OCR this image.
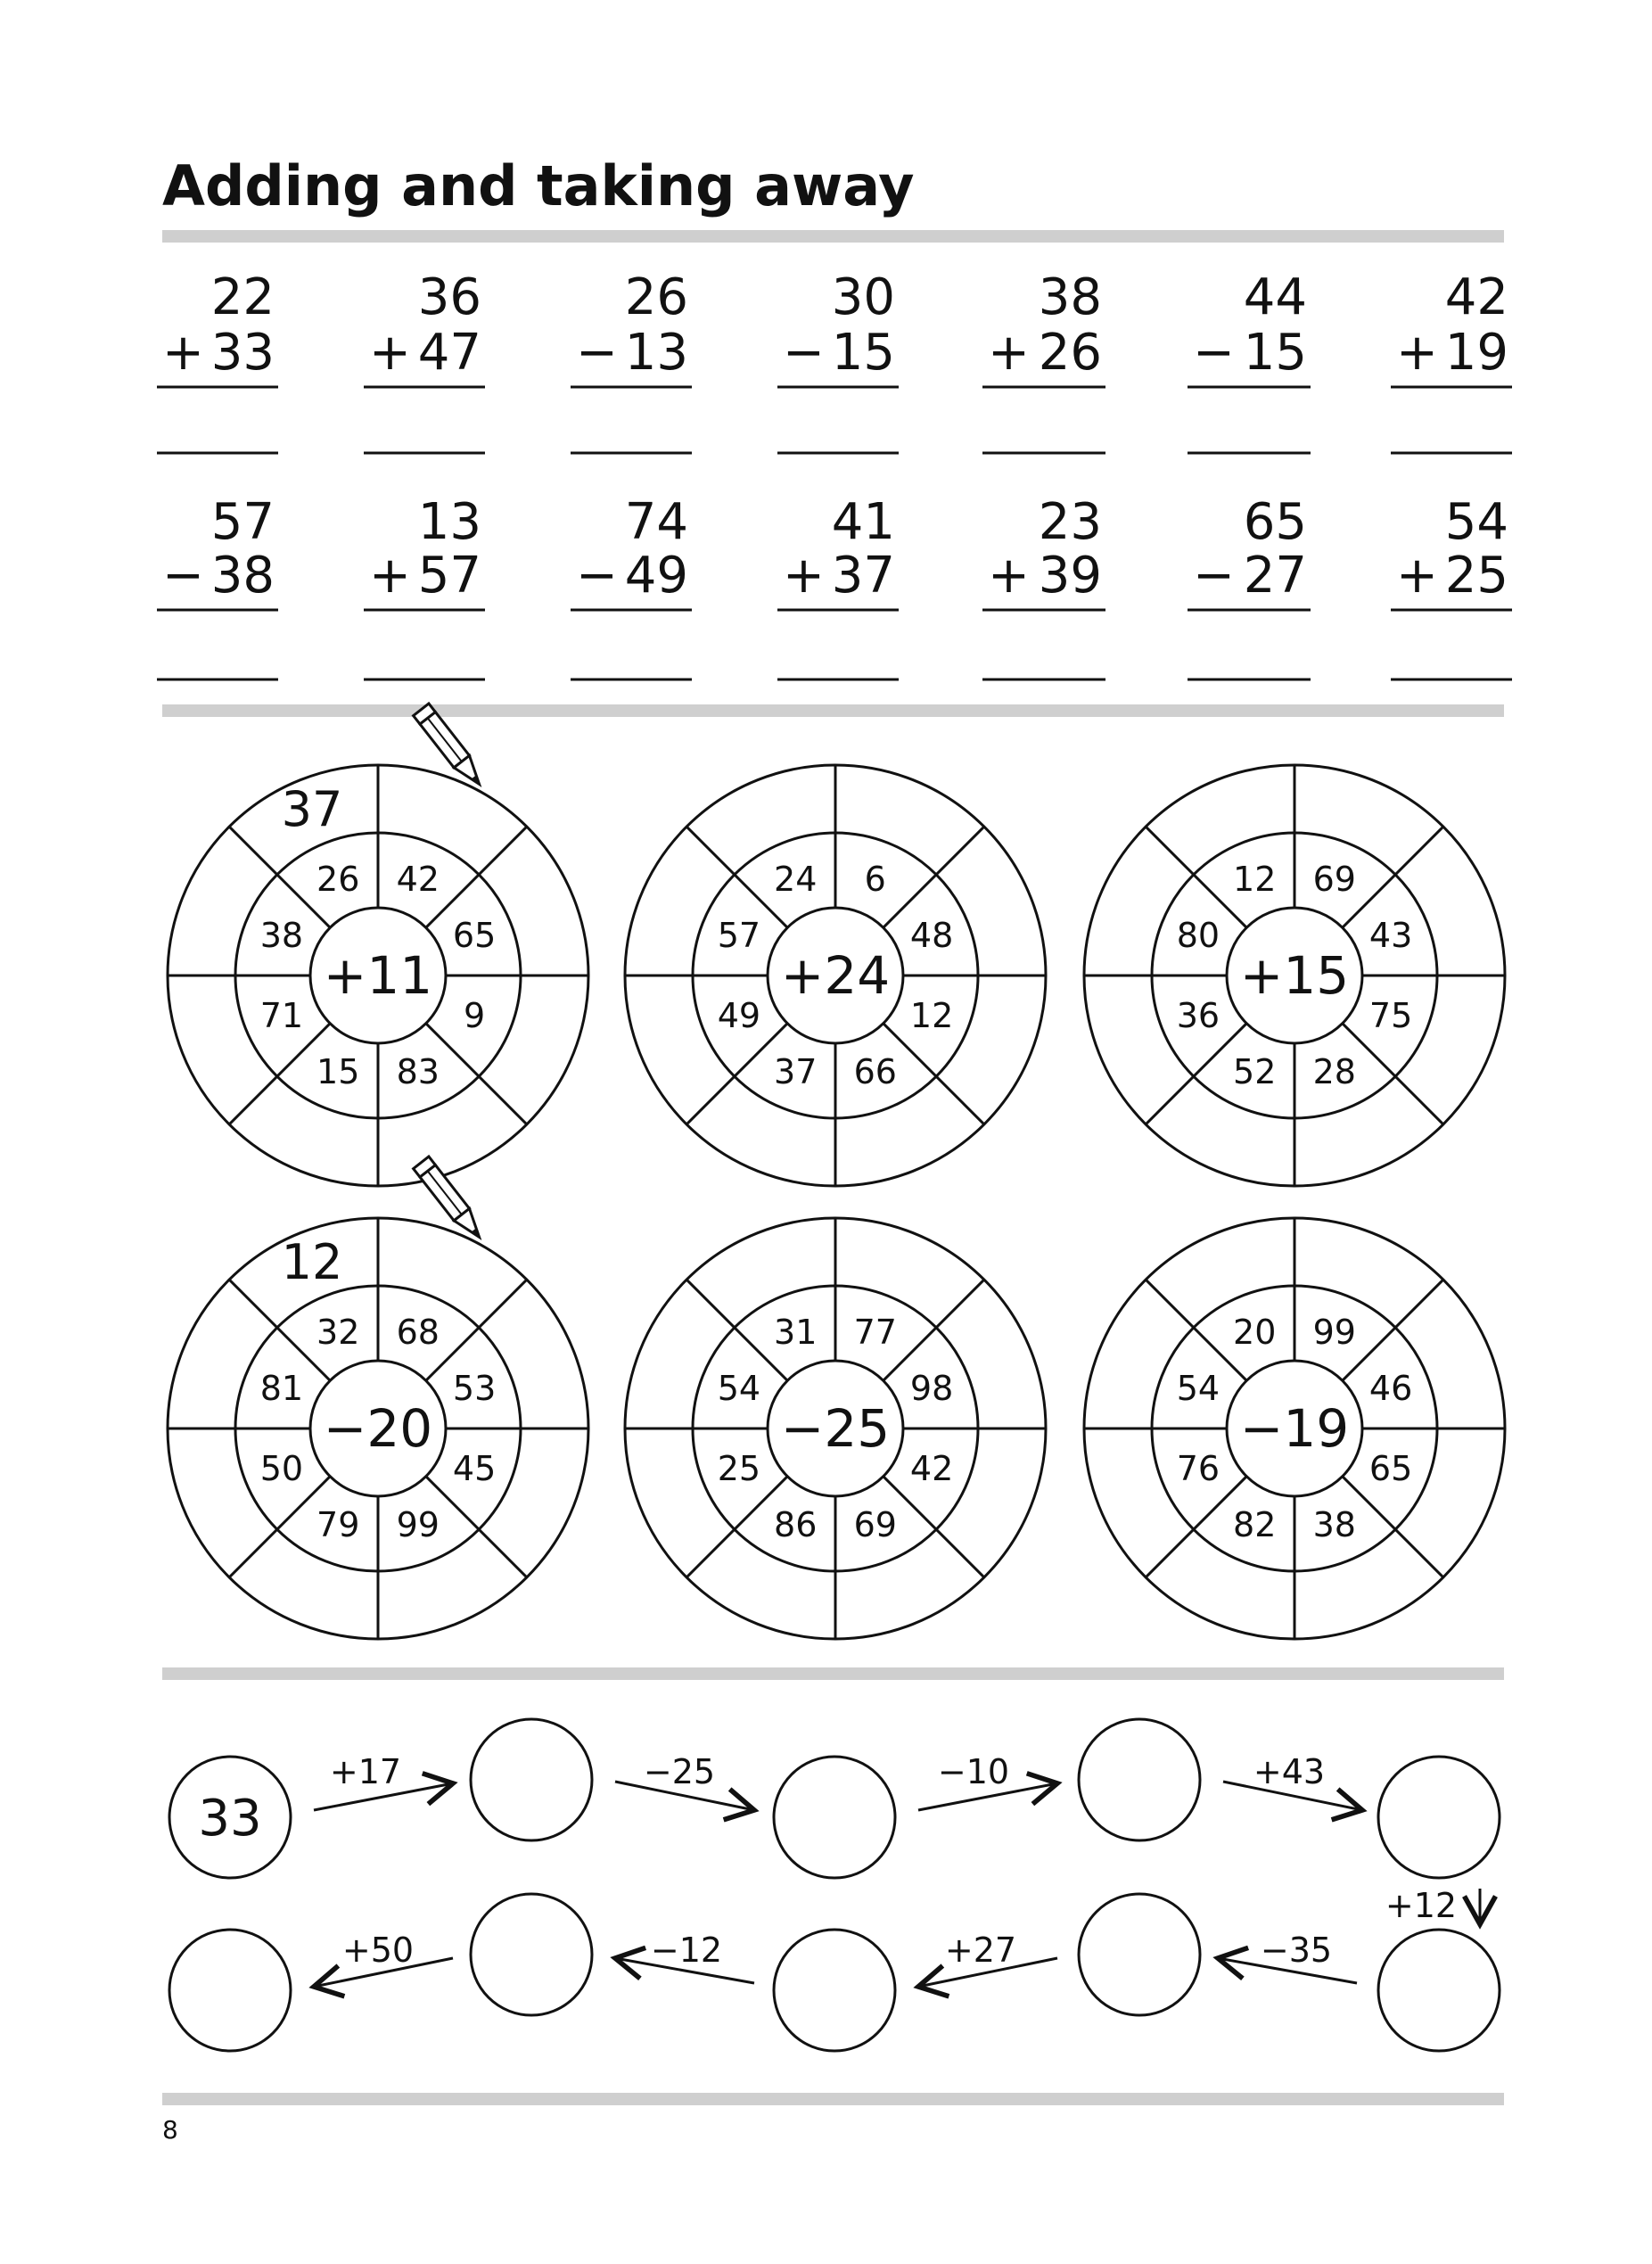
Adding and taking away
22
+ 33
36
+ 47
26
− 13
30
− 15
38
+ 26
44
− 15
42
+ 19
57
− 38
13
+ 57
74
− 49
41
+ 37
23
+ 39
65
− 27
54
+ 25
+11
26 42
65
9
83
15
71
38
37
+24
24 6
48
12
66
37
49
57
+15
12 69
43
75
28
52
36
80
−20
32 68
53
45
99
79
50
81
12
−25
31 77
98
42
69
86
25
54
−19
20 99
46
65
38
82
76
54
33
+17	−25	−10	+43
+12
−35
+27
−12
+50
8
